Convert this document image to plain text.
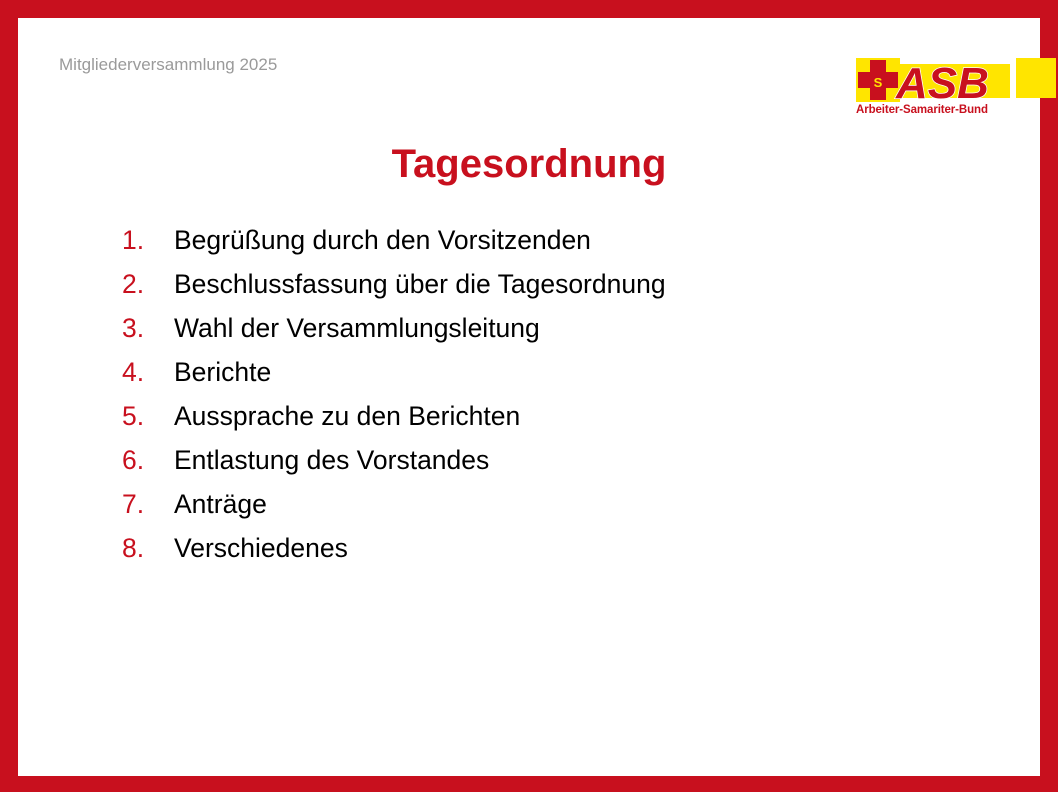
Mitgliederversammlung 2025
S ASB
Arbeiter-Samariter-Bund
Tagesordnung
1.	Begrüßung durch den Vorsitzenden
2.	Beschlussfassung über die Tagesordnung
3.	Wahl der Versammlungsleitung
4.	Berichte
5.	Aussprache zu den Berichten
6.	Entlastung des Vorstandes
7.	Anträge
8.	Verschiedenes
